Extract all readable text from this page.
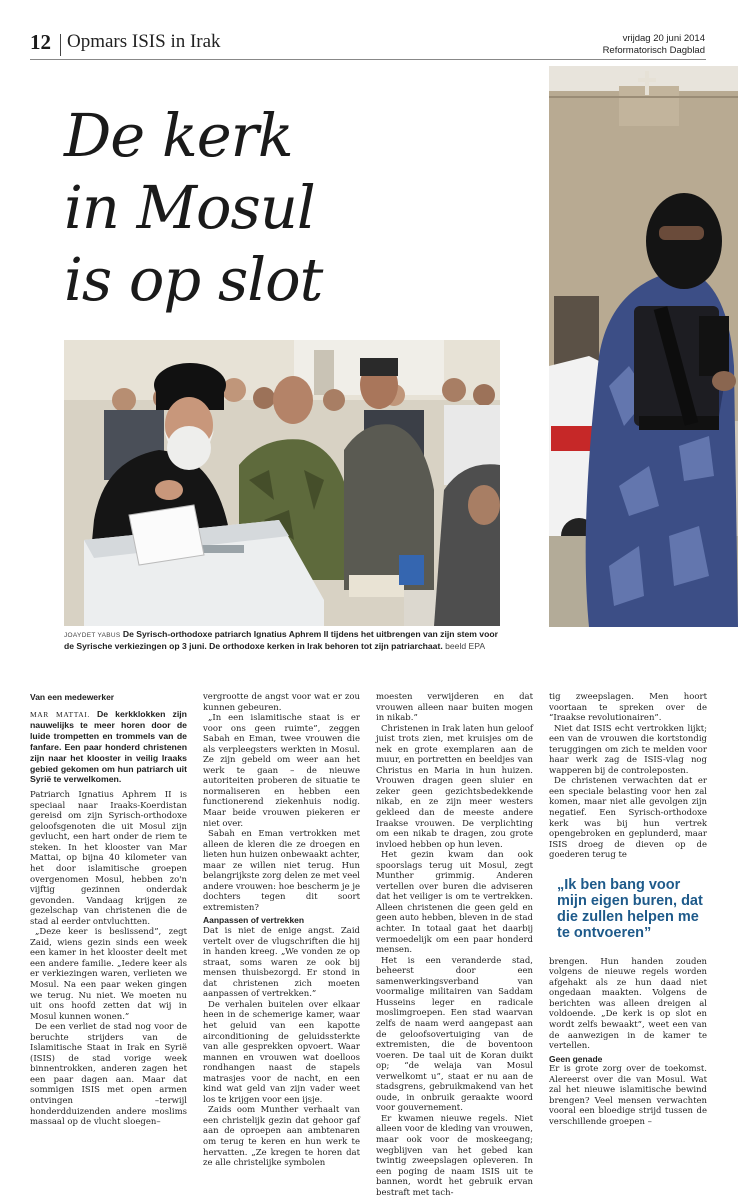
12 Opmars ISIS in Irak	vrijdag 20 juni 2014
Reformatorisch Dagblad
De kerk
in Mosul
is op slot
JOAYDET YABUS De Syrisch-orthodoxe patriarch Ignatius Aphrem II tijdens het uitbrengen van zijn stem voor de Syrische verkiezingen op 3 juni. De orthodoxe kerken in Irak behoren tot zijn patriarchaat. beeld EPA
Van een medewerker
MAR MATTAI. De kerkklokken zijn nauwelijks te meer horen door de luide trompetten en trommels van de fanfare. Een paar honderd christenen zijn naar het klooster in veilig Iraaks gebied gekomen om hun patriarch uit Syrië te verwelkomen.

Patriarch Ignatius Aphrem II is speciaal naar Iraaks-Koerdistan gereisd om zijn Syrisch-orthodoxe geloofsgenoten die uit Mosul zijn gevlucht, een hart onder de riem te steken. In het klooster van Mar Mattai, op bijna 40 kilometer van het door islamitische groepen overgenomen Mosul, hebben zo'n vijftig gezinnen onderdak gevonden. Vandaag krijgen ze gezelschap van christenen die de stad al eerder ontvluchtten.

„Deze keer is beslissend”, zegt Zaid, wiens gezin sinds een week een kamer in het klooster deelt met een andere familie. „Iedere keer als er verkiezingen waren, verlieten we Mosul. Na een paar weken gingen we terug. Nu niet. We moeten nu uit ons hoofd zetten dat wij in Mosul kunnen wonen.”

De een verliet de stad nog voor de beruchte strijders van de Islamitische Staat in Irak en Syrië (ISIS) de stad vorige week binnentrokken, anderen zagen het een paar dagen aan. Maar dat sommigen ISIS met open armen ontvingen –terwijl honderdduizenden andere moslims massaal op de vlucht sloegen–

vergrootte de angst voor wat er zou kunnen gebeuren.

„In een islamitische staat is er voor ons geen ruimte”, zeggen Sabah en Eman, twee vrouwen die als verpleegsters werkten in Mosul. Ze zijn gebeld om weer aan het werk te gaan – de nieuwe autoriteiten proberen de situatie te normaliseren en hebben een functionerend ziekenhuis nodig. Maar beide vrouwen piekeren er niet over.

Sabah en Eman vertrokken met alleen de kleren die ze droegen en lieten hun huizen onbewaakt achter, maar ze willen niet terug. Hun belangrijkste zorg delen ze met veel andere vrouwen: hoe bescherm je je dochters tegen dit soort extremisten?

Aanpassen of vertrekken

Dat is niet de enige angst. Zaid vertelt over de vlugschriften die hij in handen kreeg. „We vonden ze op straat, soms waren ze ook bij mensen thuisbezorgd. Er stond in dat christenen zich moeten aanpassen of vertrekken.”

De verhalen buitelen over elkaar heen in de schemerige kamer, waar het geluid van een kapotte airconditioning de geluidssterkte van alle gesprekken opvoert. Waar mannen en vrouwen wat doelloos rondhangen naast de stapels matrasjes voor de nacht, en een kind wat geld van zijn vader weet los te krijgen voor een ijsje.

Zaids oom Munther verhaalt van een christelijk gezin dat gehoor gaf aan de oproepen aan ambtenaren om terug te keren en hun werk te hervatten. „Ze kregen te horen dat ze alle christelijke symbolen

moesten verwijderen en dat vrouwen alleen naar buiten mogen in nikab.”

Christenen in Irak laten hun geloof juist trots zien, met kruisjes om de nek en grote exemplaren aan de muur, en portretten en beeldjes van Christus en Maria in hun huizen. Vrouwen dragen geen sluier en zeker geen gezichtsbedekkende nikab, en ze zijn meer westers gekleed dan de meeste andere Iraakse vrouwen. De verplichting om een nikab te dragen, zou grote invloed hebben op hun leven.

Het gezin kwam dan ook spoorslags terug uit Mosul, zegt Munther grimmig. Anderen vertellen over buren die adviseren dat het veiliger is om te vertrekken. Alleen christenen die geen geld en geen auto hebben, bleven in de stad achter. In totaal gaat het daarbij vermoedelijk om een paar honderd mensen.

Het is een veranderde stad, beheerst door een samenwerkingsverband van voormalige militairen van Saddam Husseins leger en radicale moslimgroepen. Een stad waarvan zelfs de naam werd aangepast aan de geloofsovertuiging van de extremisten, die de boventoon voeren. De taal uit de Koran duikt op; “de welaja van Mosul verwelkomt u”, staat er nu aan de stadsgrens, gebruikmakend van het oude, in onbruik geraakte woord voor gouvernement.

Er kwamen nieuwe regels. Niet alleen voor de kleding van vrouwen, maar ook voor de moskeegang; wegblijven van het gebed kan twintig zweepslagen opleveren. In een poging de naam ISIS uit te bannen, wordt het gebruik ervan bestraft met tach-

tig zweepslagen. Men hoort voortaan te spreken over de “Iraakse revolutionairen”.

Niet dat ISIS echt vertrokken lijkt; een van de vrouwen die kortstondig teruggingen om zich te melden voor haar werk zag de ISIS-vlag nog wapperen bij de controleposten.

De christenen verwachten dat er een speciale belasting voor hen zal komen, maar niet alle gevolgen zijn negatief. Een Syrisch-orthodoxe kerk was bij hun vertrek opengebroken en geplunderd, maar ISIS droeg de dieven op de goederen terug te

„Ik ben bang voor mijn eigen buren, dat die zullen helpen me te ontvoeren”

brengen. Hun handen zouden volgens de nieuwe regels worden afgehakt als ze hun daad niet ongedaan maakten. Volgens de berichten was alleen dreigen al voldoende. „De kerk is op slot en wordt zelfs bewaakt”, weet een van de aanwezigen in de kamer te vertellen.

Geen genade

Er is grote zorg over de toekomst. Alereerst over die van Mosul. Wat zal het nieuwe islamitische bewind brengen? Veel mensen verwachten vooral een bloedige strijd tussen de verschillende groepen –
